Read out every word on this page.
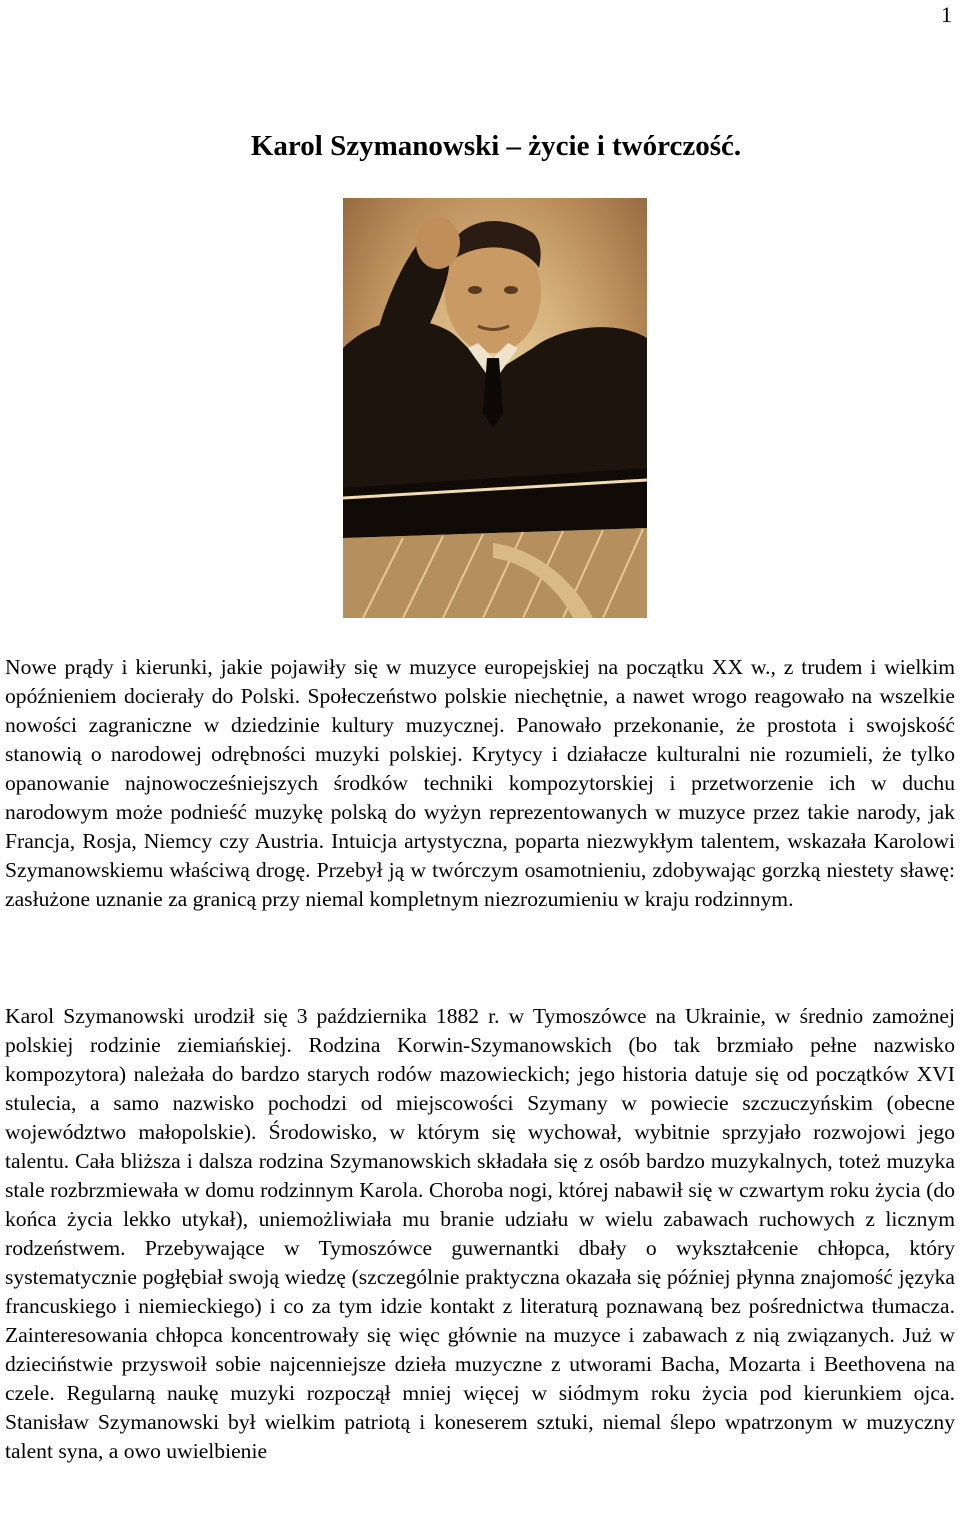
1
Karol Szymanowski – życie i twórczość.

Nowe prądy i kierunki, jakie pojawiły się w muzyce europejskiej na początku XX w., z trudem i wielkim opóźnieniem docierały do Polski. Społeczeństwo polskie niechętnie, a nawet wrogo reagowało na wszelkie nowości zagraniczne w dziedzinie kultury muzycznej. Panowało przekonanie, że prostota i swojskość stanowią o narodowej odrębności muzyki polskiej. Krytycy i działacze kulturalni nie rozumieli, że tylko opanowanie najnowocześniejszych środków techniki kompozytorskiej i przetworzenie ich w duchu narodowym może podnieść muzykę polską do wyżyn reprezentowanych w muzyce przez takie narody, jak Francja, Rosja, Niemcy czy Austria. Intuicja artystyczna, poparta niezwykłym talentem, wskazała Karolowi Szymanowskiemu właściwą drogę. Przebył ją w twórczym osamotnieniu, zdobywając gorzką niestety sławę: zasłużone uznanie za granicą przy niemal kompletnym niezrozumieniu w kraju rodzinnym.

Karol Szymanowski urodził się 3 października 1882 r. w Tymoszówce na Ukrainie, w średnio zamożnej polskiej rodzinie ziemiańskiej. Rodzina Korwin-Szymanowskich (bo tak brzmiało pełne nazwisko kompozytora) należała do bardzo starych rodów mazowieckich; jego historia datuje się od początków XVI stulecia, a samo nazwisko pochodzi od miejscowości Szymany w powiecie szczuczyńskim (obecne województwo małopolskie). Środowisko, w którym się wychował, wybitnie sprzyjało rozwojowi jego talentu. Cała bliższa i dalsza rodzina Szymanowskich składała się z osób bardzo muzykalnych, toteż muzyka stale rozbrzmiewała w domu rodzinnym Karola. Choroba nogi, której nabawił się w czwartym roku życia (do końca życia lekko utykał), uniemożliwiała mu branie udziału w wielu zabawach ruchowych z licznym rodzeństwem. Przebywające w Tymoszówce guwernantki dbały o wykształcenie chłopca, który systematycznie pogłębiał swoją wiedzę (szczególnie praktyczna okazała się później płynna znajomość języka francuskiego i niemieckiego) i co za tym idzie kontakt z literaturą poznawaną bez pośrednictwa tłumacza. Zainteresowania chłopca koncentrowały się więc głównie na muzyce i zabawach z nią związanych. Już w dzieciństwie przyswoił sobie najcenniejsze dzieła muzyczne z utworami Bacha, Mozarta i Beethovena na czele. Regularną naukę muzyki rozpoczął mniej więcej w siódmym roku życia pod kierunkiem ojca. Stanisław Szymanowski był wielkim patriotą i koneserem sztuki, niemal ślepo wpatrzonym w muzyczny talent syna, a owo uwielbienie
